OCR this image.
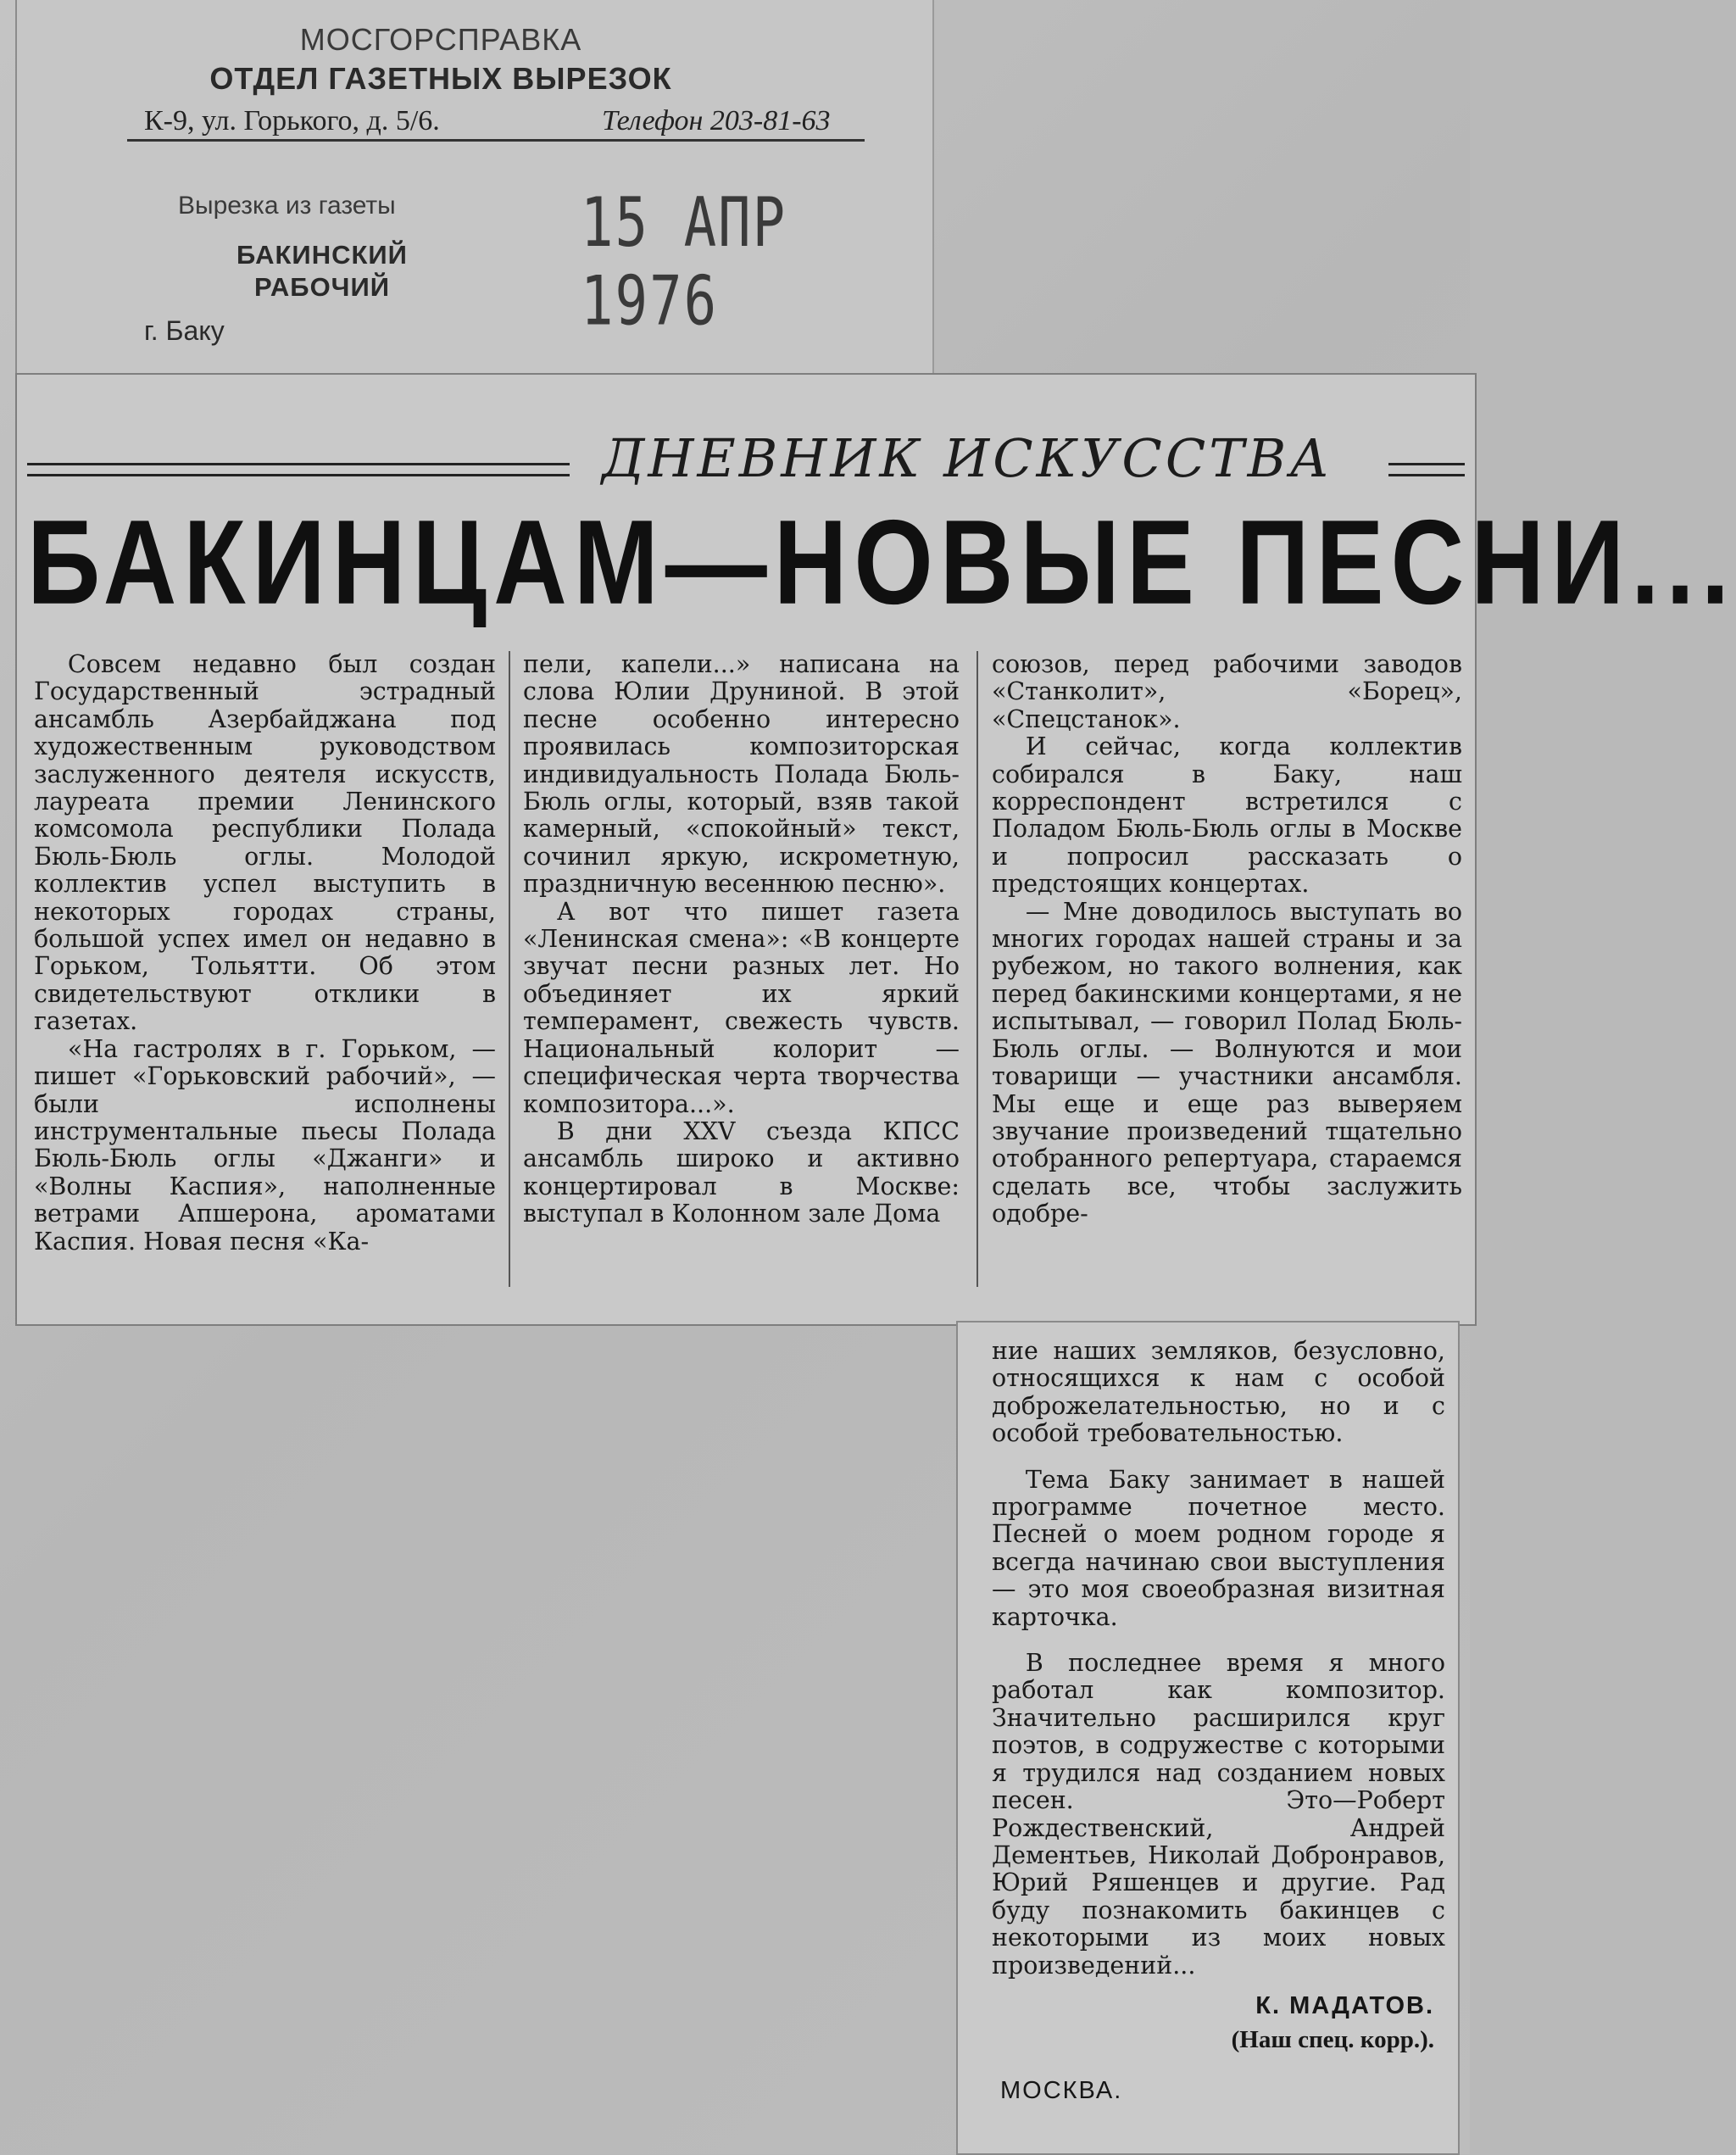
МОСГОРСПРАВКА
ОТДЕЛ ГАЗЕТНЫХ ВЫРЕЗОК
К-9, ул. Горького, д. 5/6.	Телефон 203-81-63
Вырезка из газеты
БАКИНСКИЙ
РАБОЧИЙ
15 АПР 1976
г. Баку
ДНЕВНИК ИСКУССТВА
БАКИНЦАМ—НОВЫЕ ПЕСНИ...

Совсем недавно был создан Государственный эстрадный ансамбль Азербайджана под художественным руководством заслуженного деятеля искусств, лауреата премии Ленинского комсомола республики Полада Бюль-Бюль оглы. Молодой коллектив успел выступить в некоторых городах страны, большой успех имел он недавно в Горьком, Тольятти. Об этом свидетельствуют отклики в газетах.

«На гастролях в г. Горьком, — пишет «Горьковский рабочий», — были исполнены инструментальные пьесы Полада Бюль-Бюль оглы «Джанги» и «Волны Каспия», наполненные ветрами Апшерона, ароматами Каспия. Новая песня «Ка-

пели, капели...» написана на слова Юлии Друниной. В этой песне особенно интересно проявилась композиторская индивидуальность Полада Бюль-Бюль оглы, который, взяв такой камерный, «спокойный» текст, сочинил яркую, искрометную, праздничную весеннюю песню».

А вот что пишет газета «Ленинская смена»: «В концерте звучат песни разных лет. Но объединяет их яркий темперамент, свежесть чувств. Национальный колорит — специфическая черта творчества композитора...».

В дни XXV съезда КПСС ансамбль широко и активно концертировал в Москве: выступал в Колонном зале Дома

союзов, перед рабочими заводов «Станколит», «Борец», «Спецстанок».

И сейчас, когда коллектив собирался в Баку, наш корреспондент встретился с Поладом Бюль-Бюль оглы в Москве и попросил рассказать о предстоящих концертах.

— Мне доводилось выступать во многих городах нашей страны и за рубежом, но такого волнения, как перед бакинскими концертами, я не испытывал, — говорил Полад Бюль-Бюль оглы. — Волнуются и мои товарищи — участники ансамбля. Мы еще и еще раз выверяем звучание произведений тщательно отобранного репертуара, стараемся сделать все, чтобы заслужить одобре-

ние наших земляков, безусловно, относящихся к нам с особой доброжелательностью, но и с особой требовательностью.

Тема Баку занимает в нашей программе почетное место. Песней о моем родном городе я всегда начинаю свои выступления — это моя своеобразная визитная карточка.

В последнее время я много работал как композитор. Значительно расширился круг поэтов, в содружестве с которыми я трудился над созданием новых песен. Это—Роберт Рождественский, Андрей Дементьев, Николай Добронравов, Юрий Ряшенцев и другие. Рад буду познакомить бакинцев с некоторыми из моих новых произведений...

К. МАДАТОВ.
(Наш спец. корр.).
МОСКВА.
